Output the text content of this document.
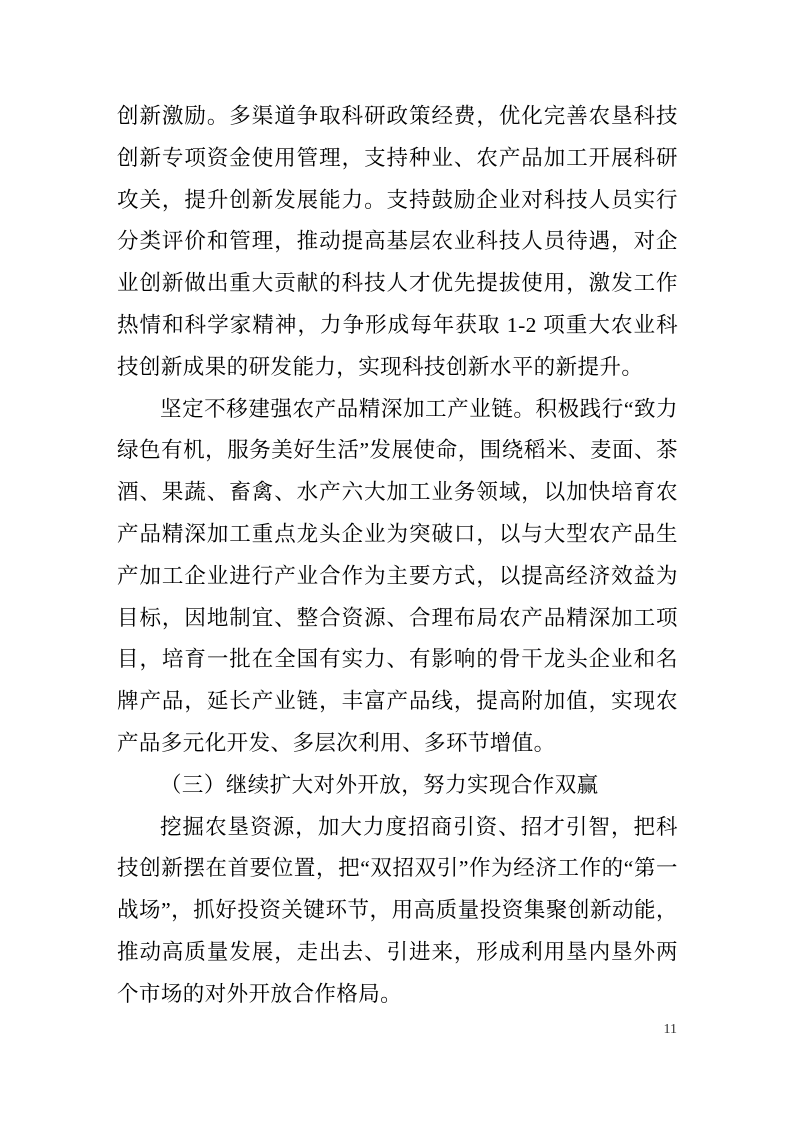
创新激励。多渠道争取科研政策经费，优化完善农垦科技创新专项资金使用管理，支持种业、农产品加工开展科研攻关，提升创新发展能力。支持鼓励企业对科技人员实行分类评价和管理，推动提高基层农业科技人员待遇，对企业创新做出重大贡献的科技人才优先提拔使用，激发工作热情和科学家精神，力争形成每年获取 1-2 项重大农业科技创新成果的研发能力，实现科技创新水平的新提升。

坚定不移建强农产品精深加工产业链。积极践行“致力绿色有机，服务美好生活”发展使命，围绕稻米、麦面、茶酒、果蔬、畜禽、水产六大加工业务领域，以加快培育农产品精深加工重点龙头企业为突破口，以与大型农产品生产加工企业进行产业合作为主要方式，以提高经济效益为目标，因地制宜、整合资源、合理布局农产品精深加工项目，培育一批在全国有实力、有影响的骨干龙头企业和名牌产品，延长产业链，丰富产品线，提高附加值，实现农产品多元化开发、多层次利用、多环节增值。

（三）继续扩大对外开放，努力实现合作双赢

挖掘农垦资源，加大力度招商引资、招才引智，把科技创新摆在首要位置，把“双招双引”作为经济工作的“第一战场”，抓好投资关键环节，用高质量投资集聚创新动能，推动高质量发展，走出去、引进来，形成利用垦内垦外两个市场的对外开放合作格局。

11
